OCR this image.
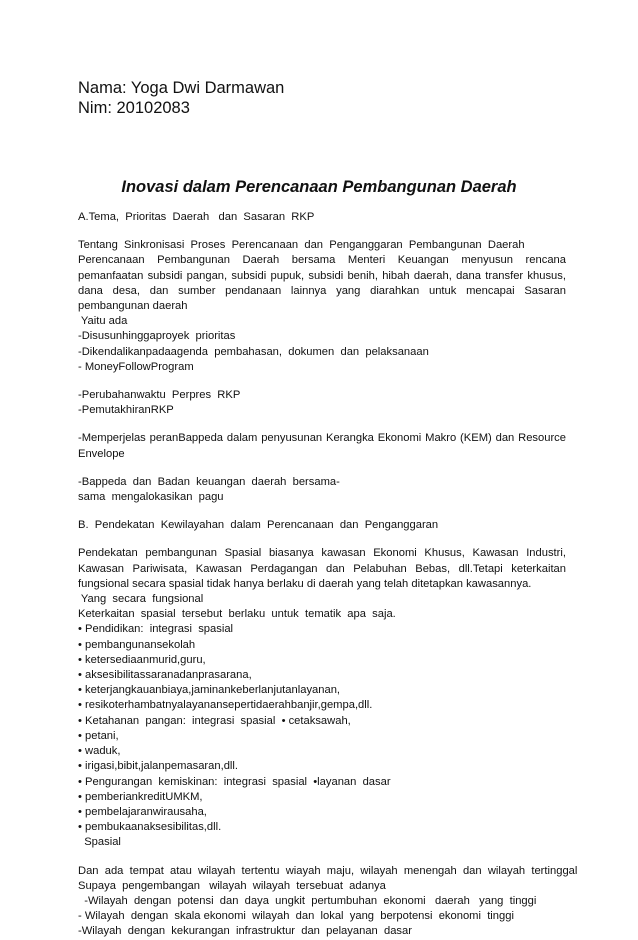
Nama: Yoga Dwi Darmawan
Nim: 20102083
Inovasi dalam Perencanaan Pembangunan Daerah
A.Tema,  Prioritas  Daerah   dan  Sasaran  RKP
Tentang  Sinkronisasi  Proses  Perencanaan  dan  Penganggaran  Pembangunan  Daerah
Perencanaan Pembangunan Daerah bersama Menteri Keuangan menyusun rencana pemanfaatan subsidi pangan, subsidi pupuk, subsidi benih, hibah daerah, dana transfer khusus, dana desa, dan sumber pendanaan lainnya yang diarahkan untuk mencapai Sasaran pembangunan daerah
Yaitu ada
-Disusunhinggaproyek  prioritas
-Dikendalikanpadaagenda  pembahasan,  dokumen  dan  pelaksanaan
- MoneyFollowProgram
-Perubahanwaktu  Perpres  RKP
-PemutakhiranRKP
-Memperjelas peranBappeda dalam penyusunan Kerangka Ekonomi Makro (KEM) dan Resource Envelope
-Bappeda  dan  Badan  keuangan  daerah  bersama-
sama  mengalokasikan  pagu
B.  Pendekatan  Kewilayahan  dalam  Perencanaan  dan  Penganggaran
Pendekatan pembangunan Spasial biasanya kawasan Ekonomi Khusus, Kawasan Industri, Kawasan Pariwisata, Kawasan Perdagangan dan Pelabuhan Bebas, dll.Tetapi keterkaitan fungsional secara spasial tidak hanya berlaku di daerah yang telah ditetapkan kawasannya.
Yang  secara  fungsional
Keterkaitan  spasial  tersebut  berlaku  untuk  tematik  apa  saja.
• Pendidikan:  integrasi  spasial
• pembangunansekolah
• ketersediaanmurid,guru,
• aksesibilitassaranadanprasarana,
• keterjangkauanbiaya,jaminankeberlanjutanlayanan,
• resikoterhambatnyalayananseperti​daerahbanjir,gempa,dll.
• Ketahanan  pangan:  integrasi  spasial  • cetaksawah,
• petani,
• waduk,
• irigasi,bibit,jalanpemasaran,dll.
• Pengurangan  kemiskinan:  integrasi  spasial  •layanan  dasar
• pemberiankreditUMKM,
• pembelajaranwirausaha,
• pembukaanaksesibilitas,dll.
Spasial
Dan  ada  tempat  atau  wilayah  tertentu  wiayah  maju,  wilayah  menengah  dan  wilayah  tertinggal
Supaya  pengembangan   wilayah  wilayah  tersebuat  adanya
-Wilayah  dengan  potensi  dan  daya  ungkit  pertumbuhan  ekonomi   daerah   yang  tinggi
- Wilayah  dengan  skala ekonomi  wilayah  dan  lokal  yang  berpotensi  ekonomi  tinggi
-Wilayah  dengan  kekurangan  infrastruktur  dan  pelayanan  dasar
